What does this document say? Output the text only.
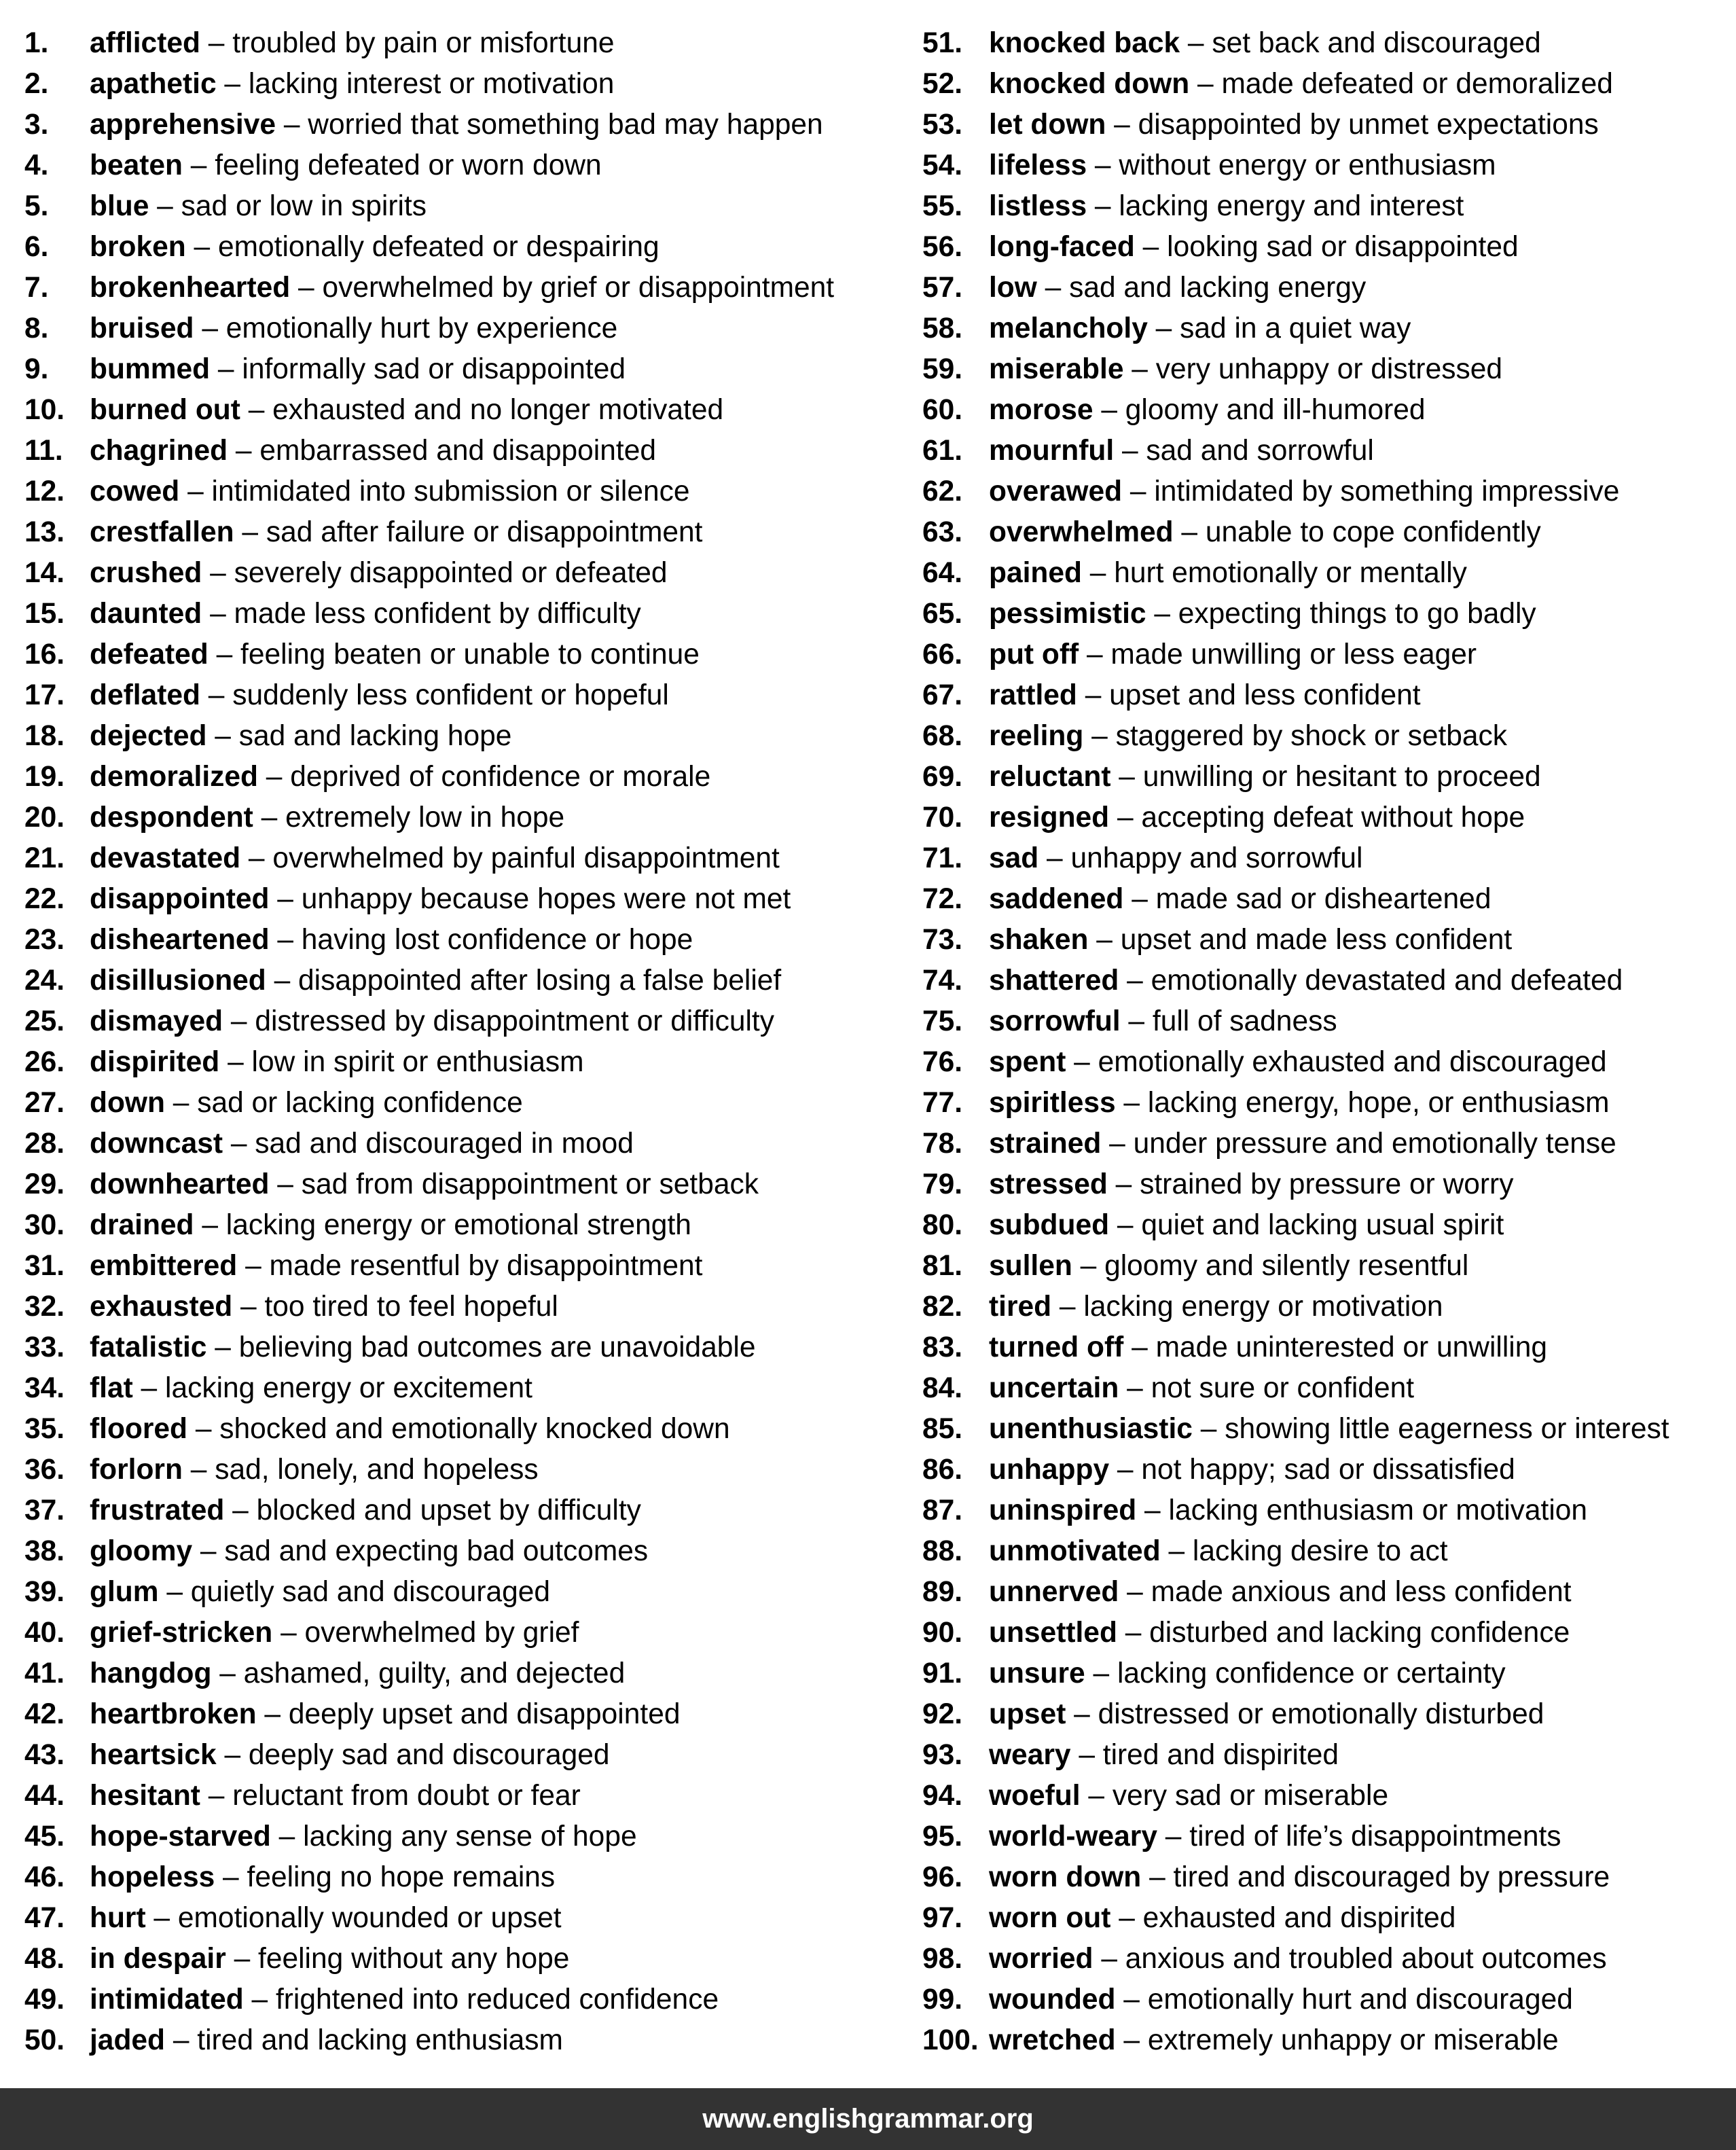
1. afflicted – troubled by pain or misfortune
2. apathetic – lacking interest or motivation
3. apprehensive – worried that something bad may happen
4. beaten – feeling defeated or worn down
5. blue – sad or low in spirits
6. broken – emotionally defeated or despairing
7. brokenhearted – overwhelmed by grief or disappointment
8. bruised – emotionally hurt by experience
9. bummed – informally sad or disappointed
10. burned out – exhausted and no longer motivated
11. chagrined – embarrassed and disappointed
12. cowed – intimidated into submission or silence
13. crestfallen – sad after failure or disappointment
14. crushed – severely disappointed or defeated
15. daunted – made less confident by difficulty
16. defeated – feeling beaten or unable to continue
17. deflated – suddenly less confident or hopeful
18. dejected – sad and lacking hope
19. demoralized – deprived of confidence or morale
20. despondent – extremely low in hope
21. devastated – overwhelmed by painful disappointment
22. disappointed – unhappy because hopes were not met
23. disheartened – having lost confidence or hope
24. disillusioned – disappointed after losing a false belief
25. dismayed – distressed by disappointment or difficulty
26. dispirited – low in spirit or enthusiasm
27. down – sad or lacking confidence
28. downcast – sad and discouraged in mood
29. downhearted – sad from disappointment or setback
30. drained – lacking energy or emotional strength
31. embittered – made resentful by disappointment
32. exhausted – too tired to feel hopeful
33. fatalistic – believing bad outcomes are unavoidable
34. flat – lacking energy or excitement
35. floored – shocked and emotionally knocked down
36. forlorn – sad, lonely, and hopeless
37. frustrated – blocked and upset by difficulty
38. gloomy – sad and expecting bad outcomes
39. glum – quietly sad and discouraged
40. grief-stricken – overwhelmed by grief
41. hangdog – ashamed, guilty, and dejected
42. heartbroken – deeply upset and disappointed
43. heartsick – deeply sad and discouraged
44. hesitant – reluctant from doubt or fear
45. hope-starved – lacking any sense of hope
46. hopeless – feeling no hope remains
47. hurt – emotionally wounded or upset
48. in despair – feeling without any hope
49. intimidated – frightened into reduced confidence
50. jaded – tired and lacking enthusiasm
51. knocked back – set back and discouraged
52. knocked down – made defeated or demoralized
53. let down – disappointed by unmet expectations
54. lifeless – without energy or enthusiasm
55. listless – lacking energy and interest
56. long-faced – looking sad or disappointed
57. low – sad and lacking energy
58. melancholy – sad in a quiet way
59. miserable – very unhappy or distressed
60. morose – gloomy and ill-humored
61. mournful – sad and sorrowful
62. overawed – intimidated by something impressive
63. overwhelmed – unable to cope confidently
64. pained – hurt emotionally or mentally
65. pessimistic – expecting things to go badly
66. put off – made unwilling or less eager
67. rattled – upset and less confident
68. reeling – staggered by shock or setback
69. reluctant – unwilling or hesitant to proceed
70. resigned – accepting defeat without hope
71. sad – unhappy and sorrowful
72. saddened – made sad or disheartened
73. shaken – upset and made less confident
74. shattered – emotionally devastated and defeated
75. sorrowful – full of sadness
76. spent – emotionally exhausted and discouraged
77. spiritless – lacking energy, hope, or enthusiasm
78. strained – under pressure and emotionally tense
79. stressed – strained by pressure or worry
80. subdued – quiet and lacking usual spirit
81. sullen – gloomy and silently resentful
82. tired – lacking energy or motivation
83. turned off – made uninterested or unwilling
84. uncertain – not sure or confident
85. unenthusiastic – showing little eagerness or interest
86. unhappy – not happy; sad or dissatisfied
87. uninspired – lacking enthusiasm or motivation
88. unmotivated – lacking desire to act
89. unnerved – made anxious and less confident
90. unsettled – disturbed and lacking confidence
91. unsure – lacking confidence or certainty
92. upset – distressed or emotionally disturbed
93. weary – tired and dispirited
94. woeful – very sad or miserable
95. world-weary – tired of life’s disappointments
96. worn down – tired and discouraged by pressure
97. worn out – exhausted and dispirited
98. worried – anxious and troubled about outcomes
99. wounded – emotionally hurt and discouraged
100. wretched – extremely unhappy or miserable
www.englishgrammar.org
